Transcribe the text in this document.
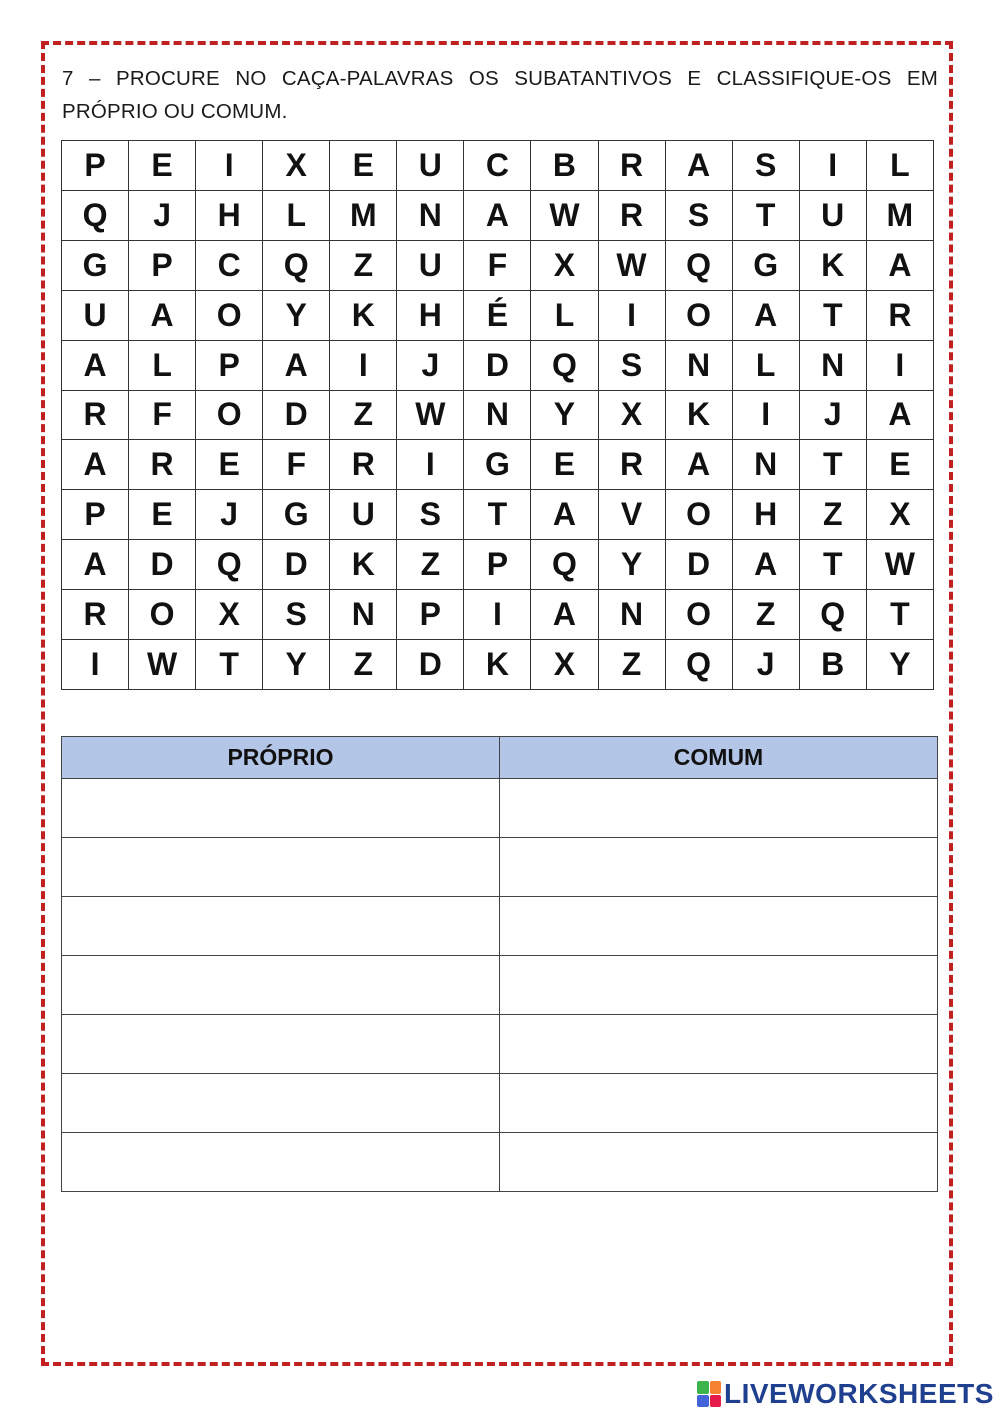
7 – PROCURE NO CAÇA-PALAVRAS OS SUBATANTIVOS E CLASSIFIQUE-OS EM PRÓPRIO OU COMUM.
P	E	I	X	E	U	C	B	R	A	S	I	L
Q	J	H	L	M	N	A	W	R	S	T	U	M
G	P	C	Q	Z	U	F	X	W	Q	G	K	A
U	A	O	Y	K	H	É	L	I	O	A	T	R
A	L	P	A	I	J	D	Q	S	N	L	N	I
R	F	O	D	Z	W	N	Y	X	K	I	J	A
A	R	E	F	R	I	G	E	R	A	N	T	E
P	E	J	G	U	S	T	A	V	O	H	Z	X
A	D	Q	D	K	Z	P	Q	Y	D	A	T	W
R	O	X	S	N	P	I	A	N	O	Z	Q	T
I	W	T	Y	Z	D	K	X	Z	Q	J	B	Y
PRÓPRIO	COMUM

LIVEWORKSHEETS
